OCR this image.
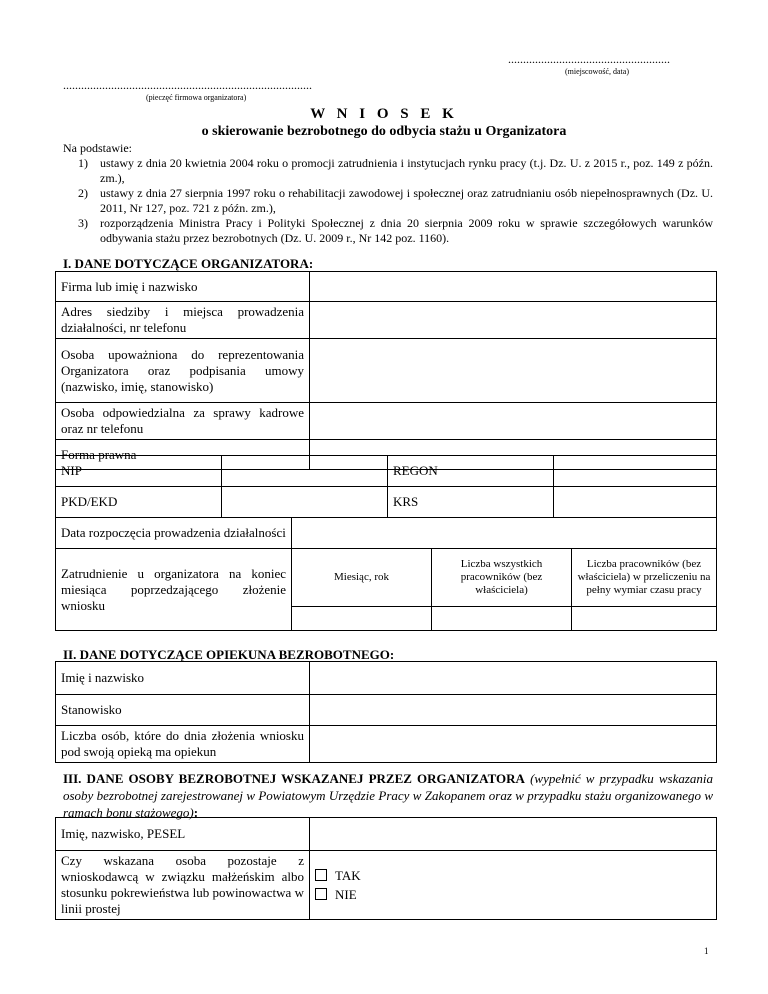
......................................................
(miejscowość, data)
...................................................................................
(pieczęć firmowa organizatora)
W N I O S E K
o skierowanie bezrobotnego do odbycia stażu u Organizatora
Na podstawie:
1) ustawy z dnia 20 kwietnia 2004 roku o promocji zatrudnienia i instytucjach rynku pracy (t.j. Dz. U. z 2015 r., poz. 149 z późn. zm.),
2) ustawy z dnia 27 sierpnia 1997 roku o rehabilitacji zawodowej i społecznej oraz zatrudnianiu osób niepełnosprawnych (Dz. U. 2011, Nr 127, poz. 721 z późn. zm.),
3) rozporządzenia Ministra Pracy i Polityki Społecznej z dnia 20 sierpnia 2009 roku w sprawie szczegółowych warunków odbywania stażu przez bezrobotnych (Dz. U. 2009 r., Nr 142 poz. 1160).
I. DANE DOTYCZĄCE ORGANIZATORA:
Firma lub imię i nazwisko	
Adres siedziby i miejsca prowadzenia działalności, nr telefonu	
Osoba upoważniona do reprezentowania Organizatora oraz podpisania umowy (nazwisko, imię, stanowisko)	
Osoba odpowiedzialna za sprawy kadrowe oraz nr telefonu	
Forma prawna	
NIP		REGON	
PKD/EKD		KRS	
Data rozpoczęcia prowadzenia działalności			
Zatrudnienie u organizatora na koniec miesiąca poprzedzającego złożenie wniosku	Miesiąc, rok	Liczba wszystkich pracowników (bez właściciela)	Liczba pracowników (bez właściciela) w przeliczeniu na pełny wymiar czasu pracy

II. DANE DOTYCZĄCE OPIEKUNA BEZROBOTNEGO:
Imię i nazwisko	
Stanowisko	
Liczba osób, które do dnia złożenia wniosku pod swoją opieką ma opiekun	
III. DANE OSOBY BEZROBOTNEJ WSKAZANEJ PRZEZ ORGANIZATORA (wypełnić w przypadku wskazania osoby bezrobotnej zarejestrowanej w Powiatowym Urzędzie Pracy w Zakopanem oraz w przypadku stażu organizowanego w ramach bonu stażowego):
Imię, nazwisko, PESEL	
Czy wskazana osoba pozostaje z wnioskodawcą w związku małżeńskim albo stosunku pokrewieństwa lub powinowactwa w linii prostej	TAK
NIE
1
